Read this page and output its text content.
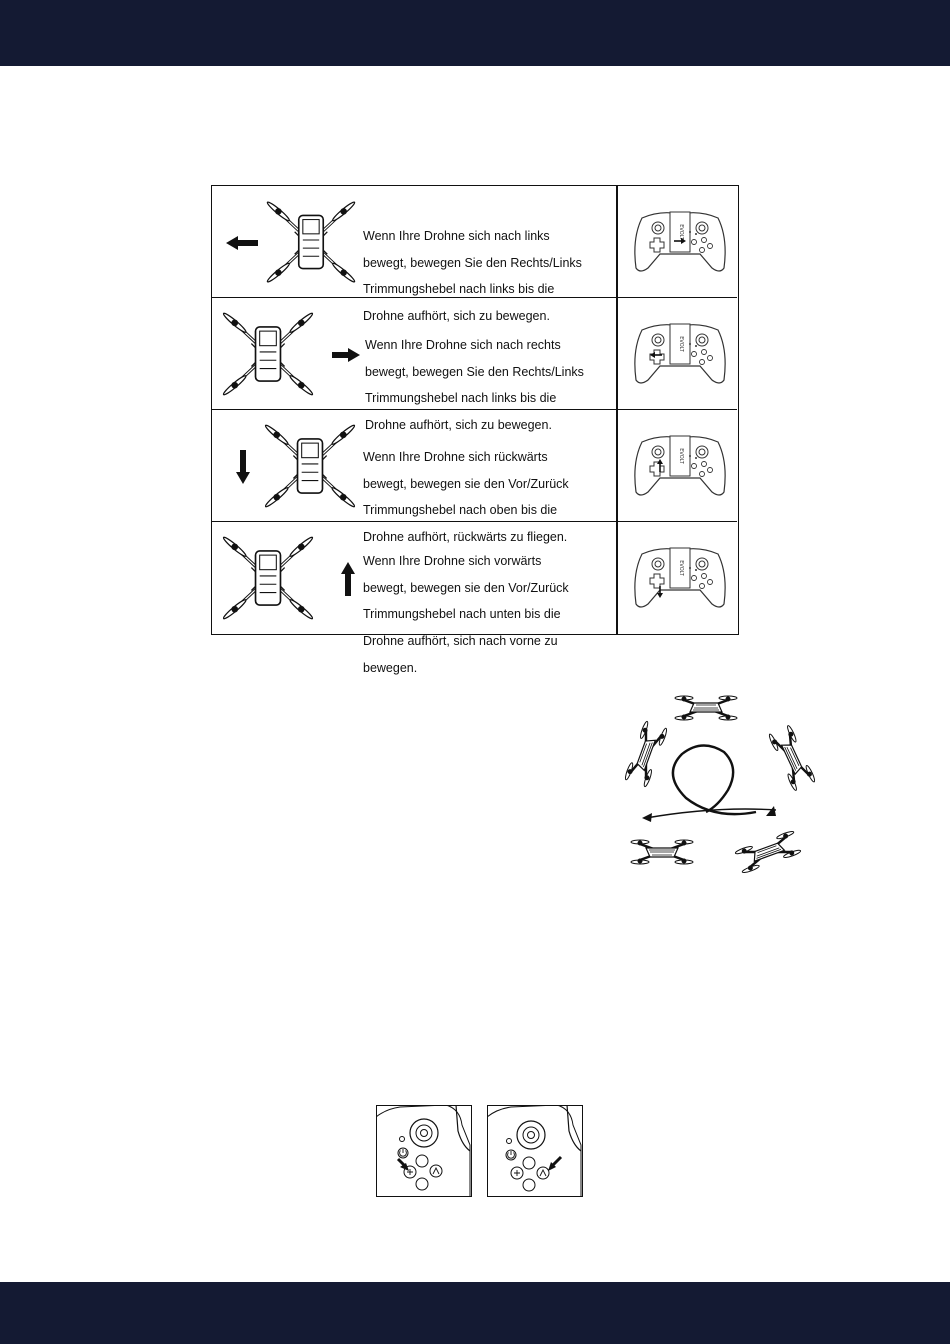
Wenn Ihre Drohne sich nach links

bewegt, bewegen Sie den Rechts/Links

Trimmungshebel nach links bis die

Drohne aufhört, sich zu bewegen.

Wenn Ihre Drohne sich nach rechts

bewegt, bewegen Sie den Rechts/Links

Trimmungshebel nach links bis die

Drohne aufhört, sich zu bewegen.

Wenn Ihre Drohne sich rückwärts

bewegt, bewegen sie den Vor/Zurück

Trimmungshebel nach oben bis die

Drohne aufhört, rückwärts zu fliegen.

Wenn Ihre Drohne sich vorwärts

bewegt, bewegen sie den Vor/Zurück

Trimmungshebel nach unten bis die

Drohne aufhört, sich nach vorne zu

bewegen.
